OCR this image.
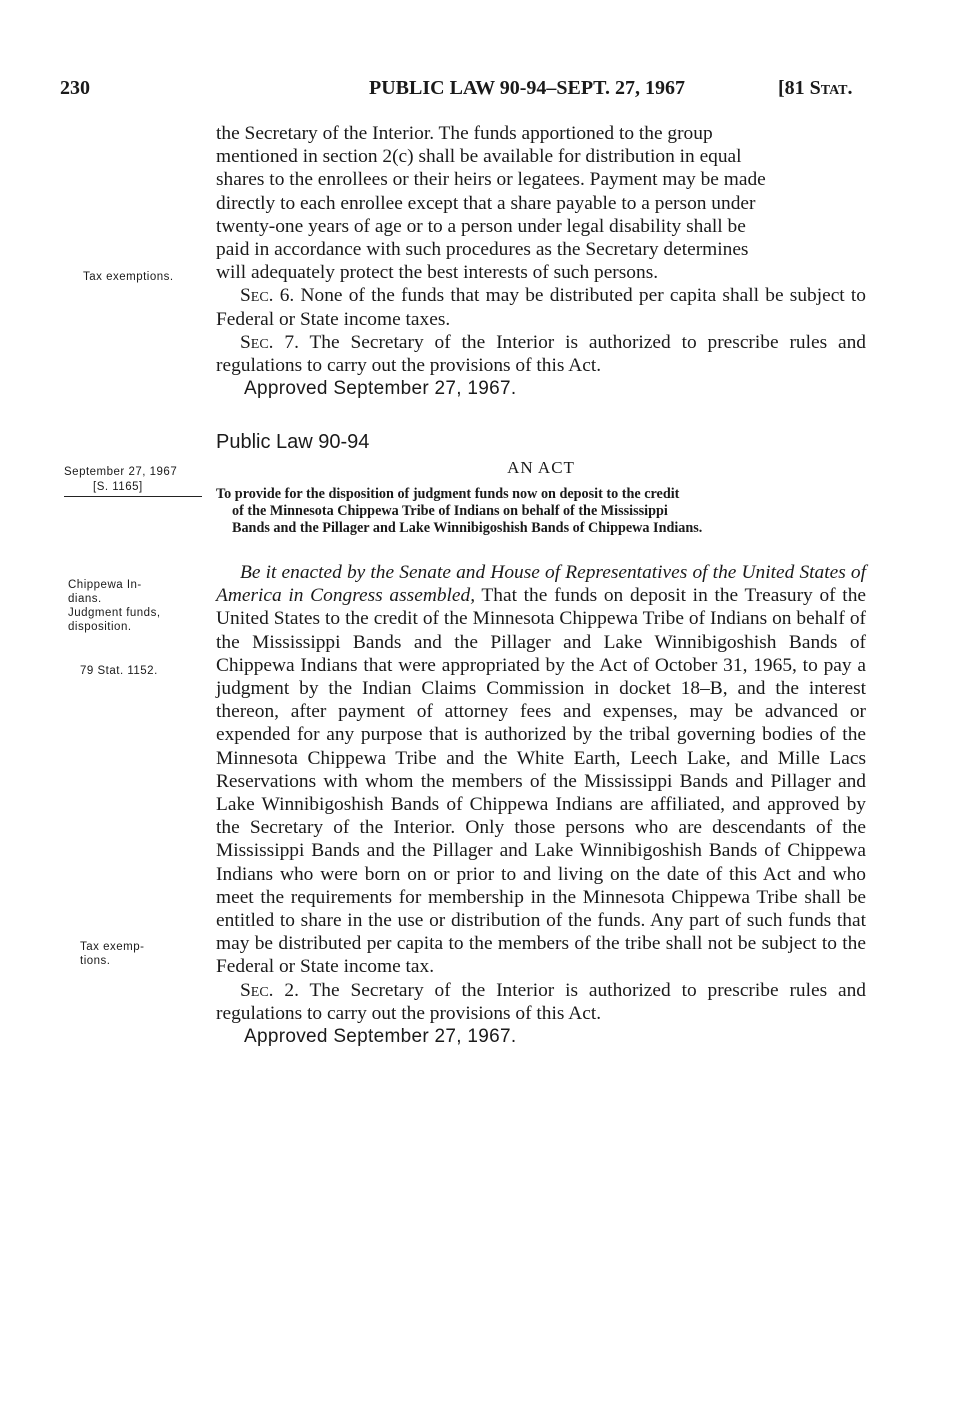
230	PUBLIC LAW 90-94–SEPT. 27, 1967	[81 Stat.
the Secretary of the Interior. The funds apportioned to the group
mentioned in section 2(c) shall be available for distribution in equal
shares to the enrollees or their heirs or legatees. Payment may be made
directly to each enrollee except that a share payable to a person under
twenty-one years of age or to a person under legal disability shall be
paid in accordance with such procedures as the Secretary determines
will adequately protect the best interests of such persons.

Sec. 6. None of the funds that may be distributed per capita shall be subject to Federal or State income taxes.

Sec. 7. The Secretary of the Interior is authorized to prescribe rules and regulations to carry out the provisions of this Act.

Approved September 27, 1967.

Tax exemptions.
Public Law 90-94
September 27, 1967
[S. 1165]
AN ACT
To provide for the disposition of judgment funds now on deposit to the credit
of the Minnesota Chippewa Tribe of Indians on behalf of the Mississippi
Bands and the Pillager and Lake Winnibigoshish Bands of Chippewa Indians.
Chippewa In-
dians.
Judgment funds,
disposition.
79 Stat. 1152.
Tax exemp-
tions.

Be it enacted by the Senate and House of Representatives of the United States of America in Congress assembled, That the funds on deposit in the Treasury of the United States to the credit of the Minnesota Chippewa Tribe of Indians on behalf of the Mississippi Bands and the Pillager and Lake Winnibigoshish Bands of Chippewa Indians that were appropriated by the Act of October 31, 1965, to pay a judgment by the Indian Claims Commission in docket 18–B, and the interest thereon, after payment of attorney fees and expenses, may be advanced or expended for any purpose that is authorized by the tribal governing bodies of the Minnesota Chippewa Tribe and the White Earth, Leech Lake, and Mille Lacs Reservations with whom the members of the Mississippi Bands and Pillager and Lake Winnibigoshish Bands of Chippewa Indians are affiliated, and approved by the Secretary of the Interior. Only those persons who are descendants of the Mississippi Bands and the Pillager and Lake Winnibigoshish Bands of Chippewa Indians who were born on or prior to and living on the date of this Act and who meet the requirements for membership in the Minnesota Chippewa Tribe shall be entitled to share in the use or distribution of the funds. Any part of such funds that may be distributed per capita to the members of the tribe shall not be subject to the Federal or State income tax.

Sec. 2. The Secretary of the Interior is authorized to prescribe rules and regulations to carry out the provisions of this Act.

Approved September 27, 1967.
